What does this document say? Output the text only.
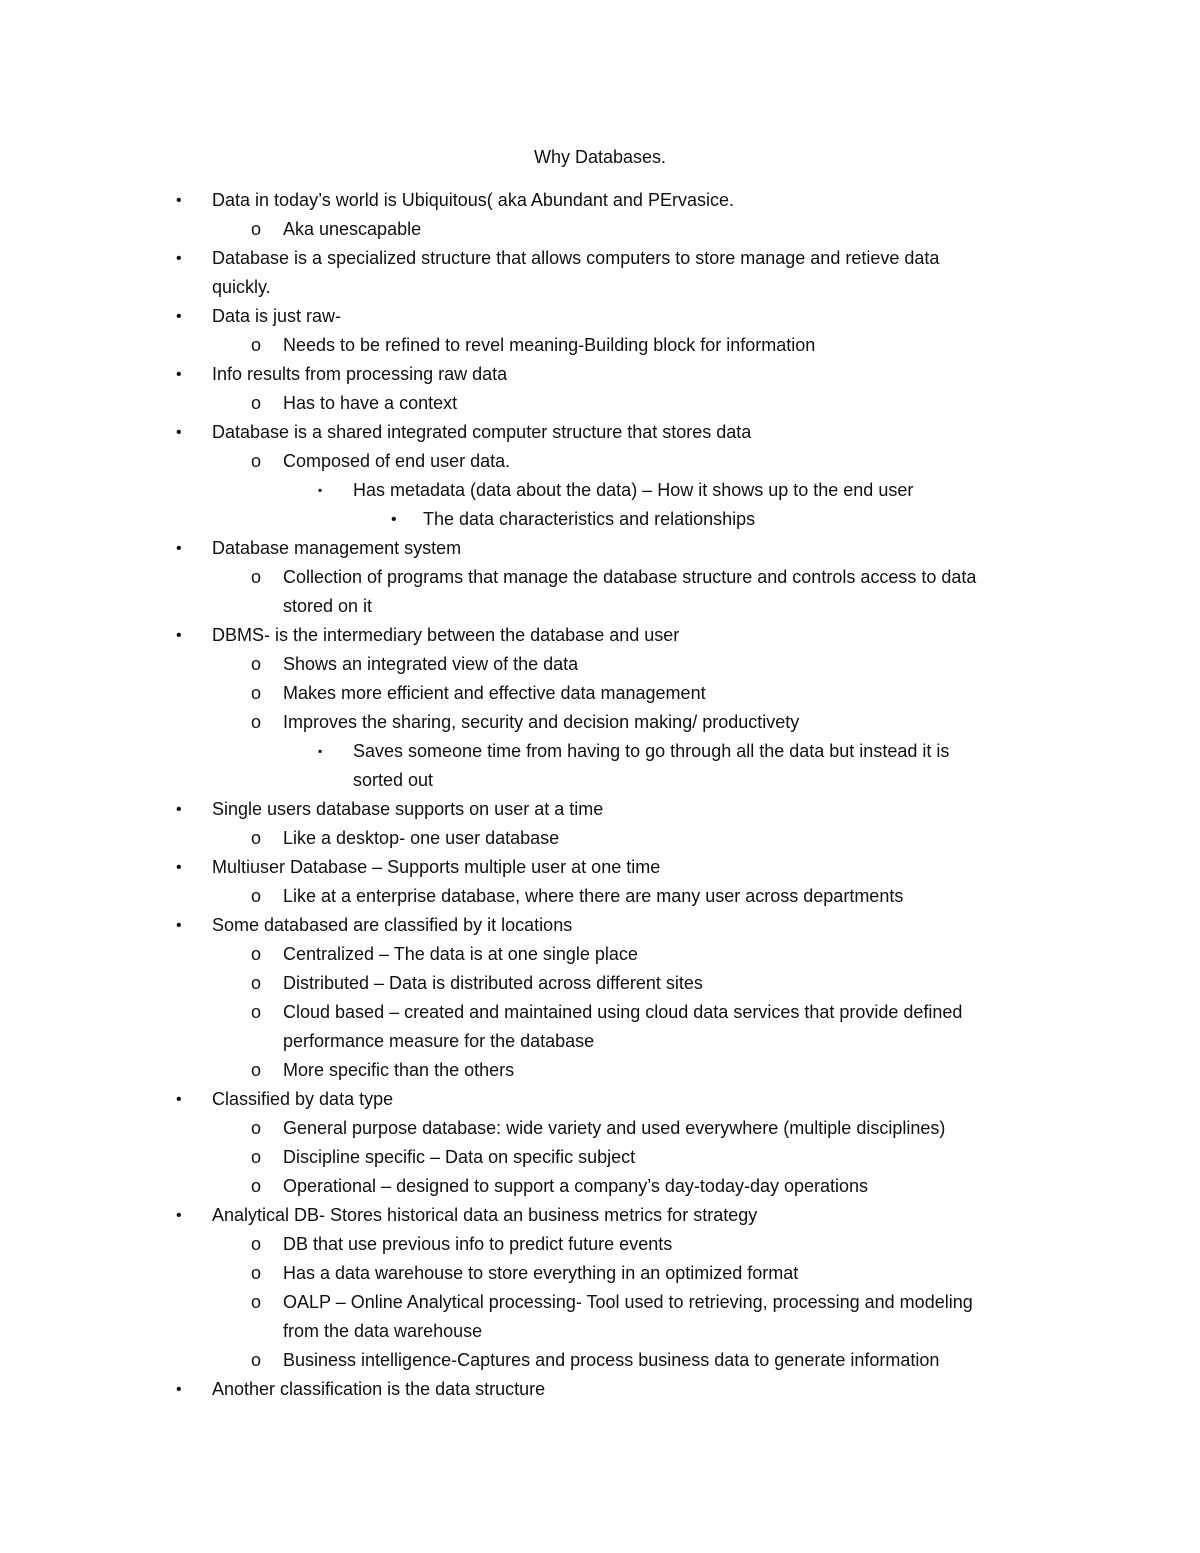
Why Databases.
• Data in today’s world is Ubiquitous( aka Abundant and PErvasice.
o Aka unescapable
• Database is a specialized structure that allows computers to store manage and retieve data
quickly.
• Data is just raw-
o Needs to be refined to revel meaning-Building block for information
• Info results from processing raw data
o Has to have a context
• Database is a shared integrated computer structure that stores data
o Composed of end user data.
▪ Has metadata (data about the data) – How it shows up to the end user
• The data characteristics and relationships
• Database management system
o Collection of programs that manage the database structure and controls access to data
stored on it
• DBMS- is the intermediary between the database and user
o Shows an integrated view of the data
o Makes more efficient and effective data management
o Improves the sharing, security and decision making/ productivety
▪ Saves someone time from having to go through all the data but instead it is
sorted out
• Single users database supports on user at a time
o Like a desktop- one user database
• Multiuser Database – Supports multiple user at one time
o Like at a enterprise database, where there are many user across departments
• Some databased are classified by it locations
o Centralized – The data is at one single place
o Distributed – Data is distributed across different sites
o Cloud based – created and maintained using cloud data services that provide defined
performance measure for the database
o More specific than the others
• Classified by data type
o General purpose database: wide variety and used everywhere (multiple disciplines)
o Discipline specific – Data on specific subject
o Operational – designed to support a company’s day-today-day operations
• Analytical DB- Stores historical data an business metrics for strategy
o DB that use previous info to predict future events
o Has a data warehouse to store everything in an optimized format
o OALP – Online Analytical processing- Tool used to retrieving, processing and modeling
from the data warehouse
o Business intelligence-Captures and process business data to generate information
• Another classification is the data structure
